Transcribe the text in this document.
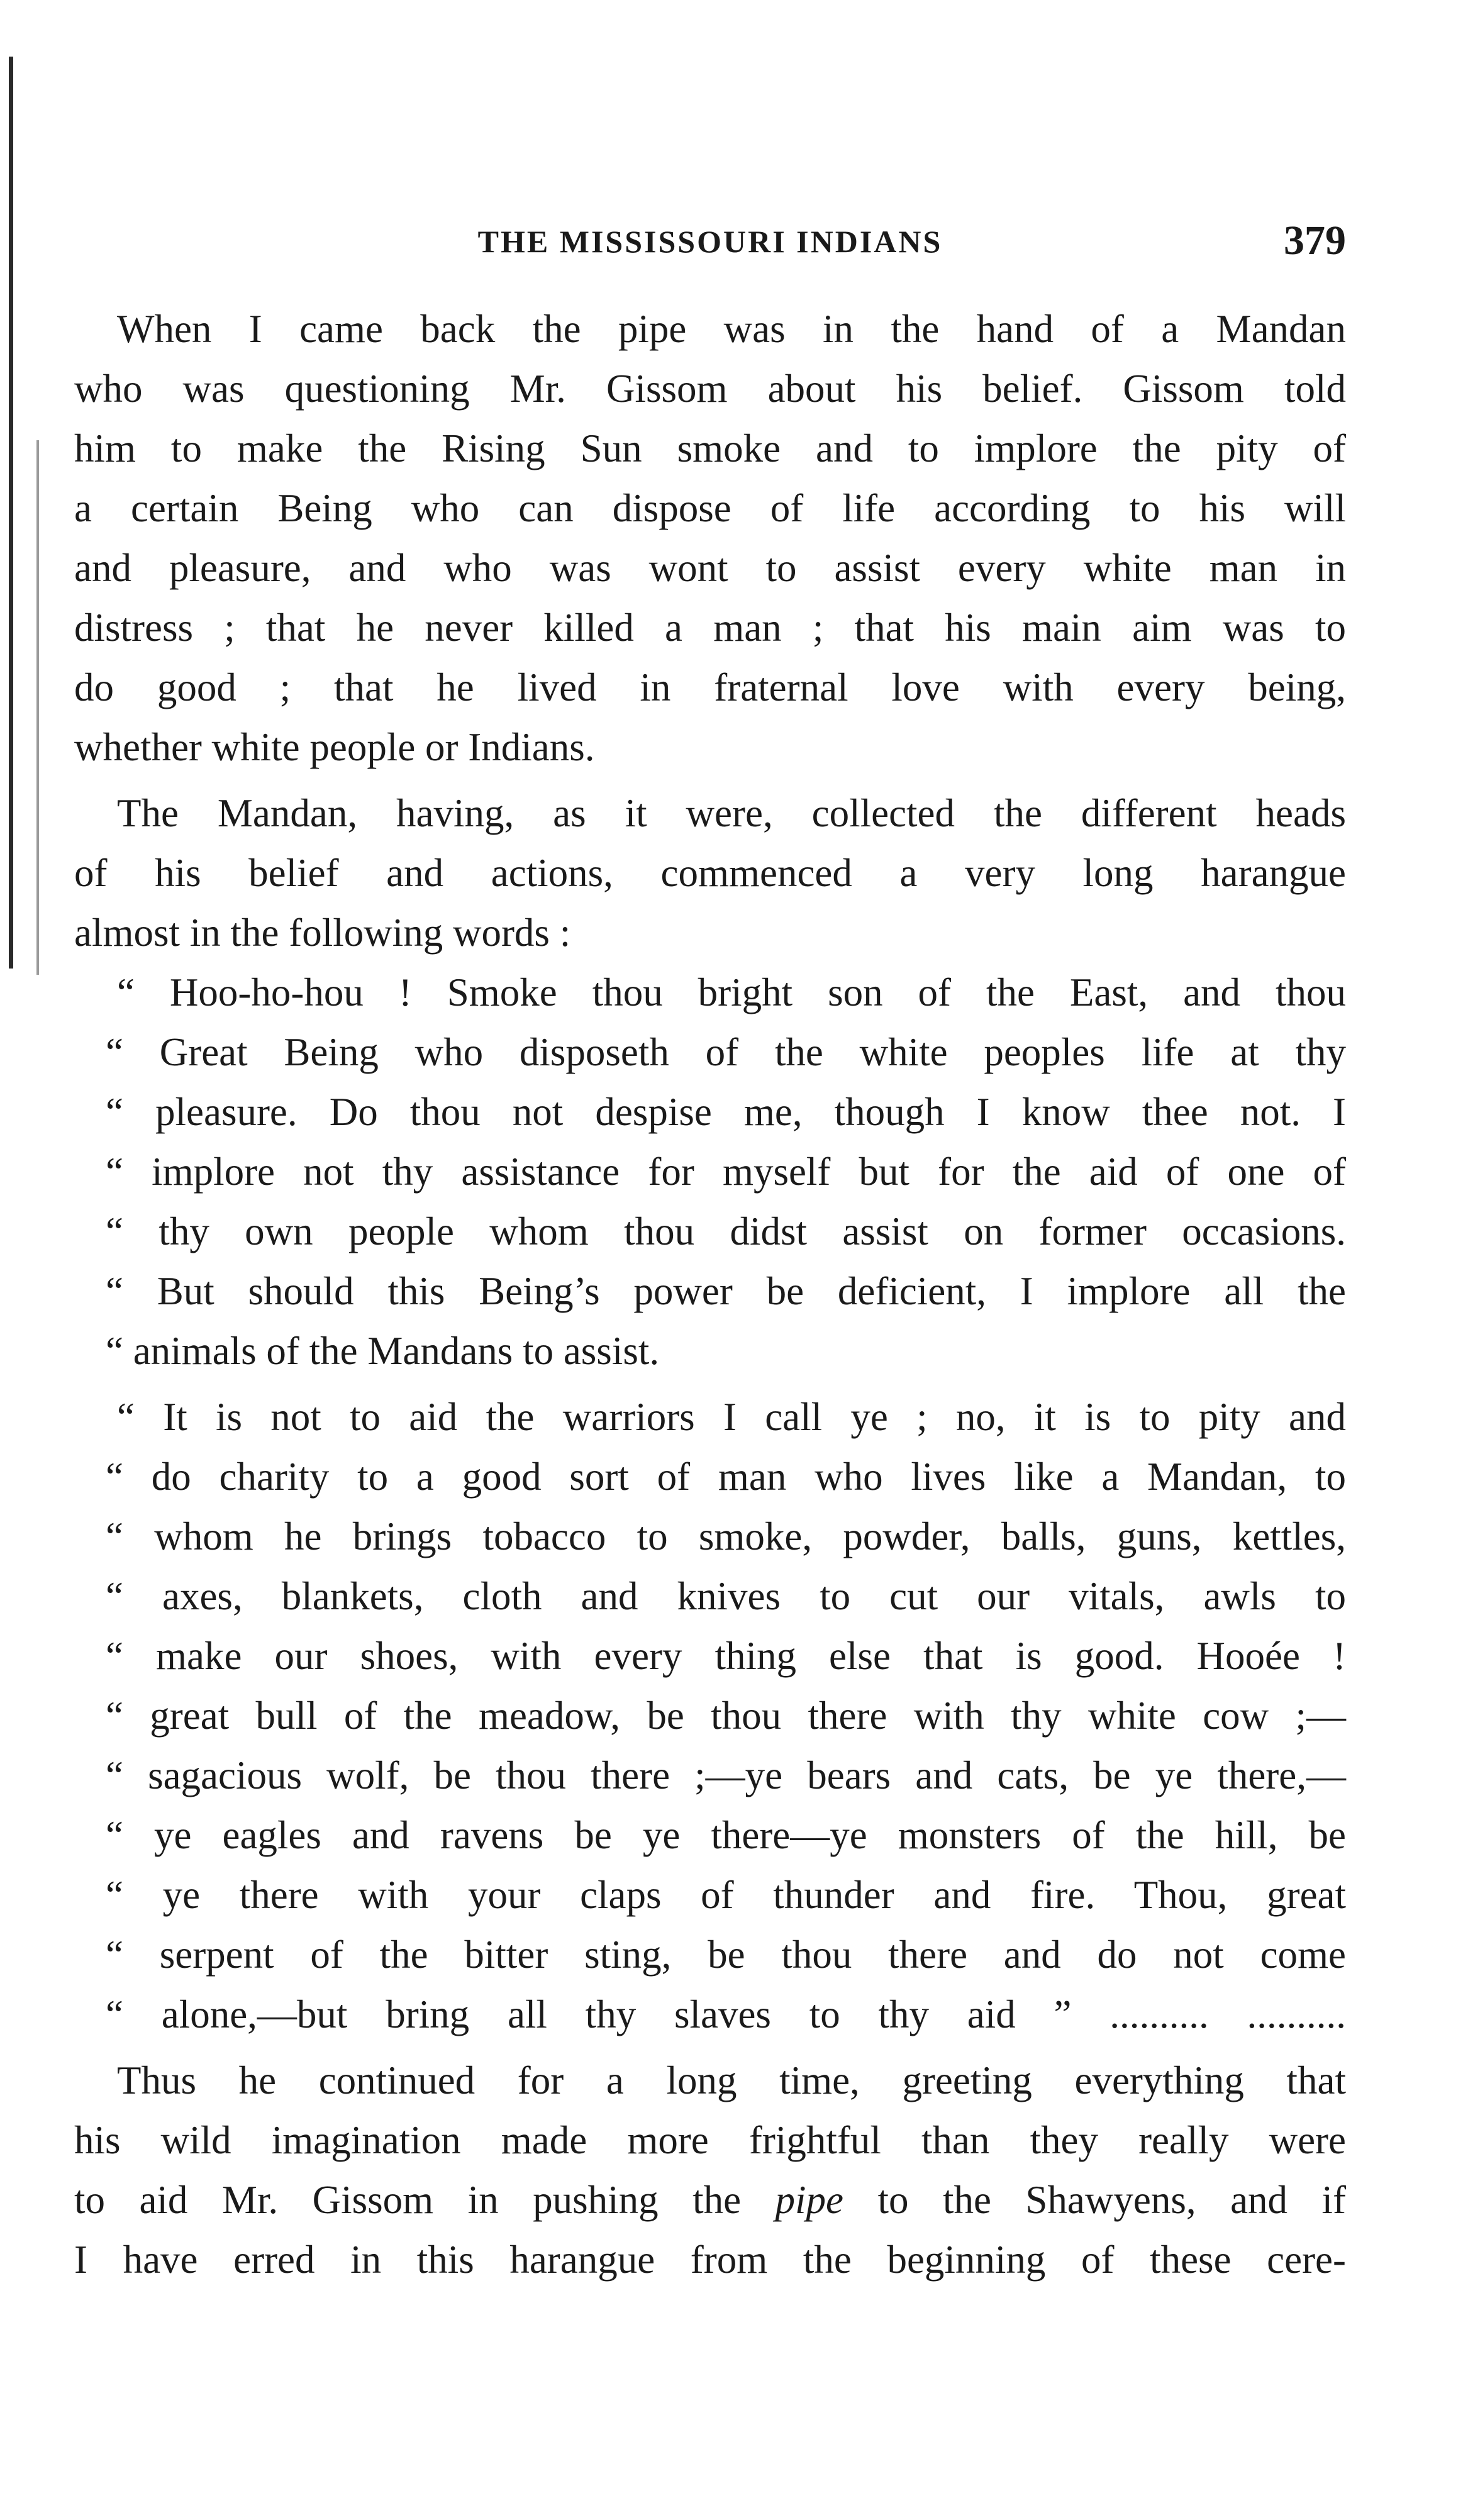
THE MISSISSOURI INDIANS	379
When I came back the pipe was in the hand of a Mandan
who was questioning Mr. Gissom about his belief. Gissom told
him to make the Rising Sun smoke and to implore the pity of
a certain Being who can dispose of life according to his will
and pleasure, and who was wont to assist every white man in
distress ; that he never killed a man ; that his main aim was to
do good ; that he lived in fraternal love with every being,
whether white people or Indians.
The Mandan, having, as it were, collected the different heads
of his belief and actions, commenced a very long harangue
almost in the following words :
“ Hoo-ho-hou ! Smoke thou bright son of the East, and thou
“ Great Being who disposeth of the white peoples life at thy
“ pleasure. Do thou not despise me, though I know thee not. I
“ implore not thy assistance for myself but for the aid of one of
“ thy own people whom thou didst assist on former occasions.
“ But should this Being’s power be deficient, I implore all the
“ animals of the Mandans to assist.
“ It is not to aid the warriors I call ye ; no, it is to pity and
“ do charity to a good sort of man who lives like a Mandan, to
“ whom he brings tobacco to smoke, powder, balls, guns, kettles,
“ axes, blankets, cloth and knives to cut our vitals, awls to
“ make our shoes, with every thing else that is good. Hooée !
“ great bull of the meadow, be thou there with thy white cow ;—
“ sagacious wolf, be thou there ;—ye bears and cats, be ye there,—
“ ye eagles and ravens be ye there—ye monsters of the hill, be
“ ye there with your claps of thunder and fire. Thou, great
“ serpent of the bitter sting, be thou there and do not come
“ alone,—but bring all thy slaves to thy aid ” .......... ..........
Thus he continued for a long time, greeting everything that
his wild imagination made more frightful than they really were
to aid Mr. Gissom in pushing the pipe to the Shawyens, and if
I have erred in this harangue from the beginning of these cere-
